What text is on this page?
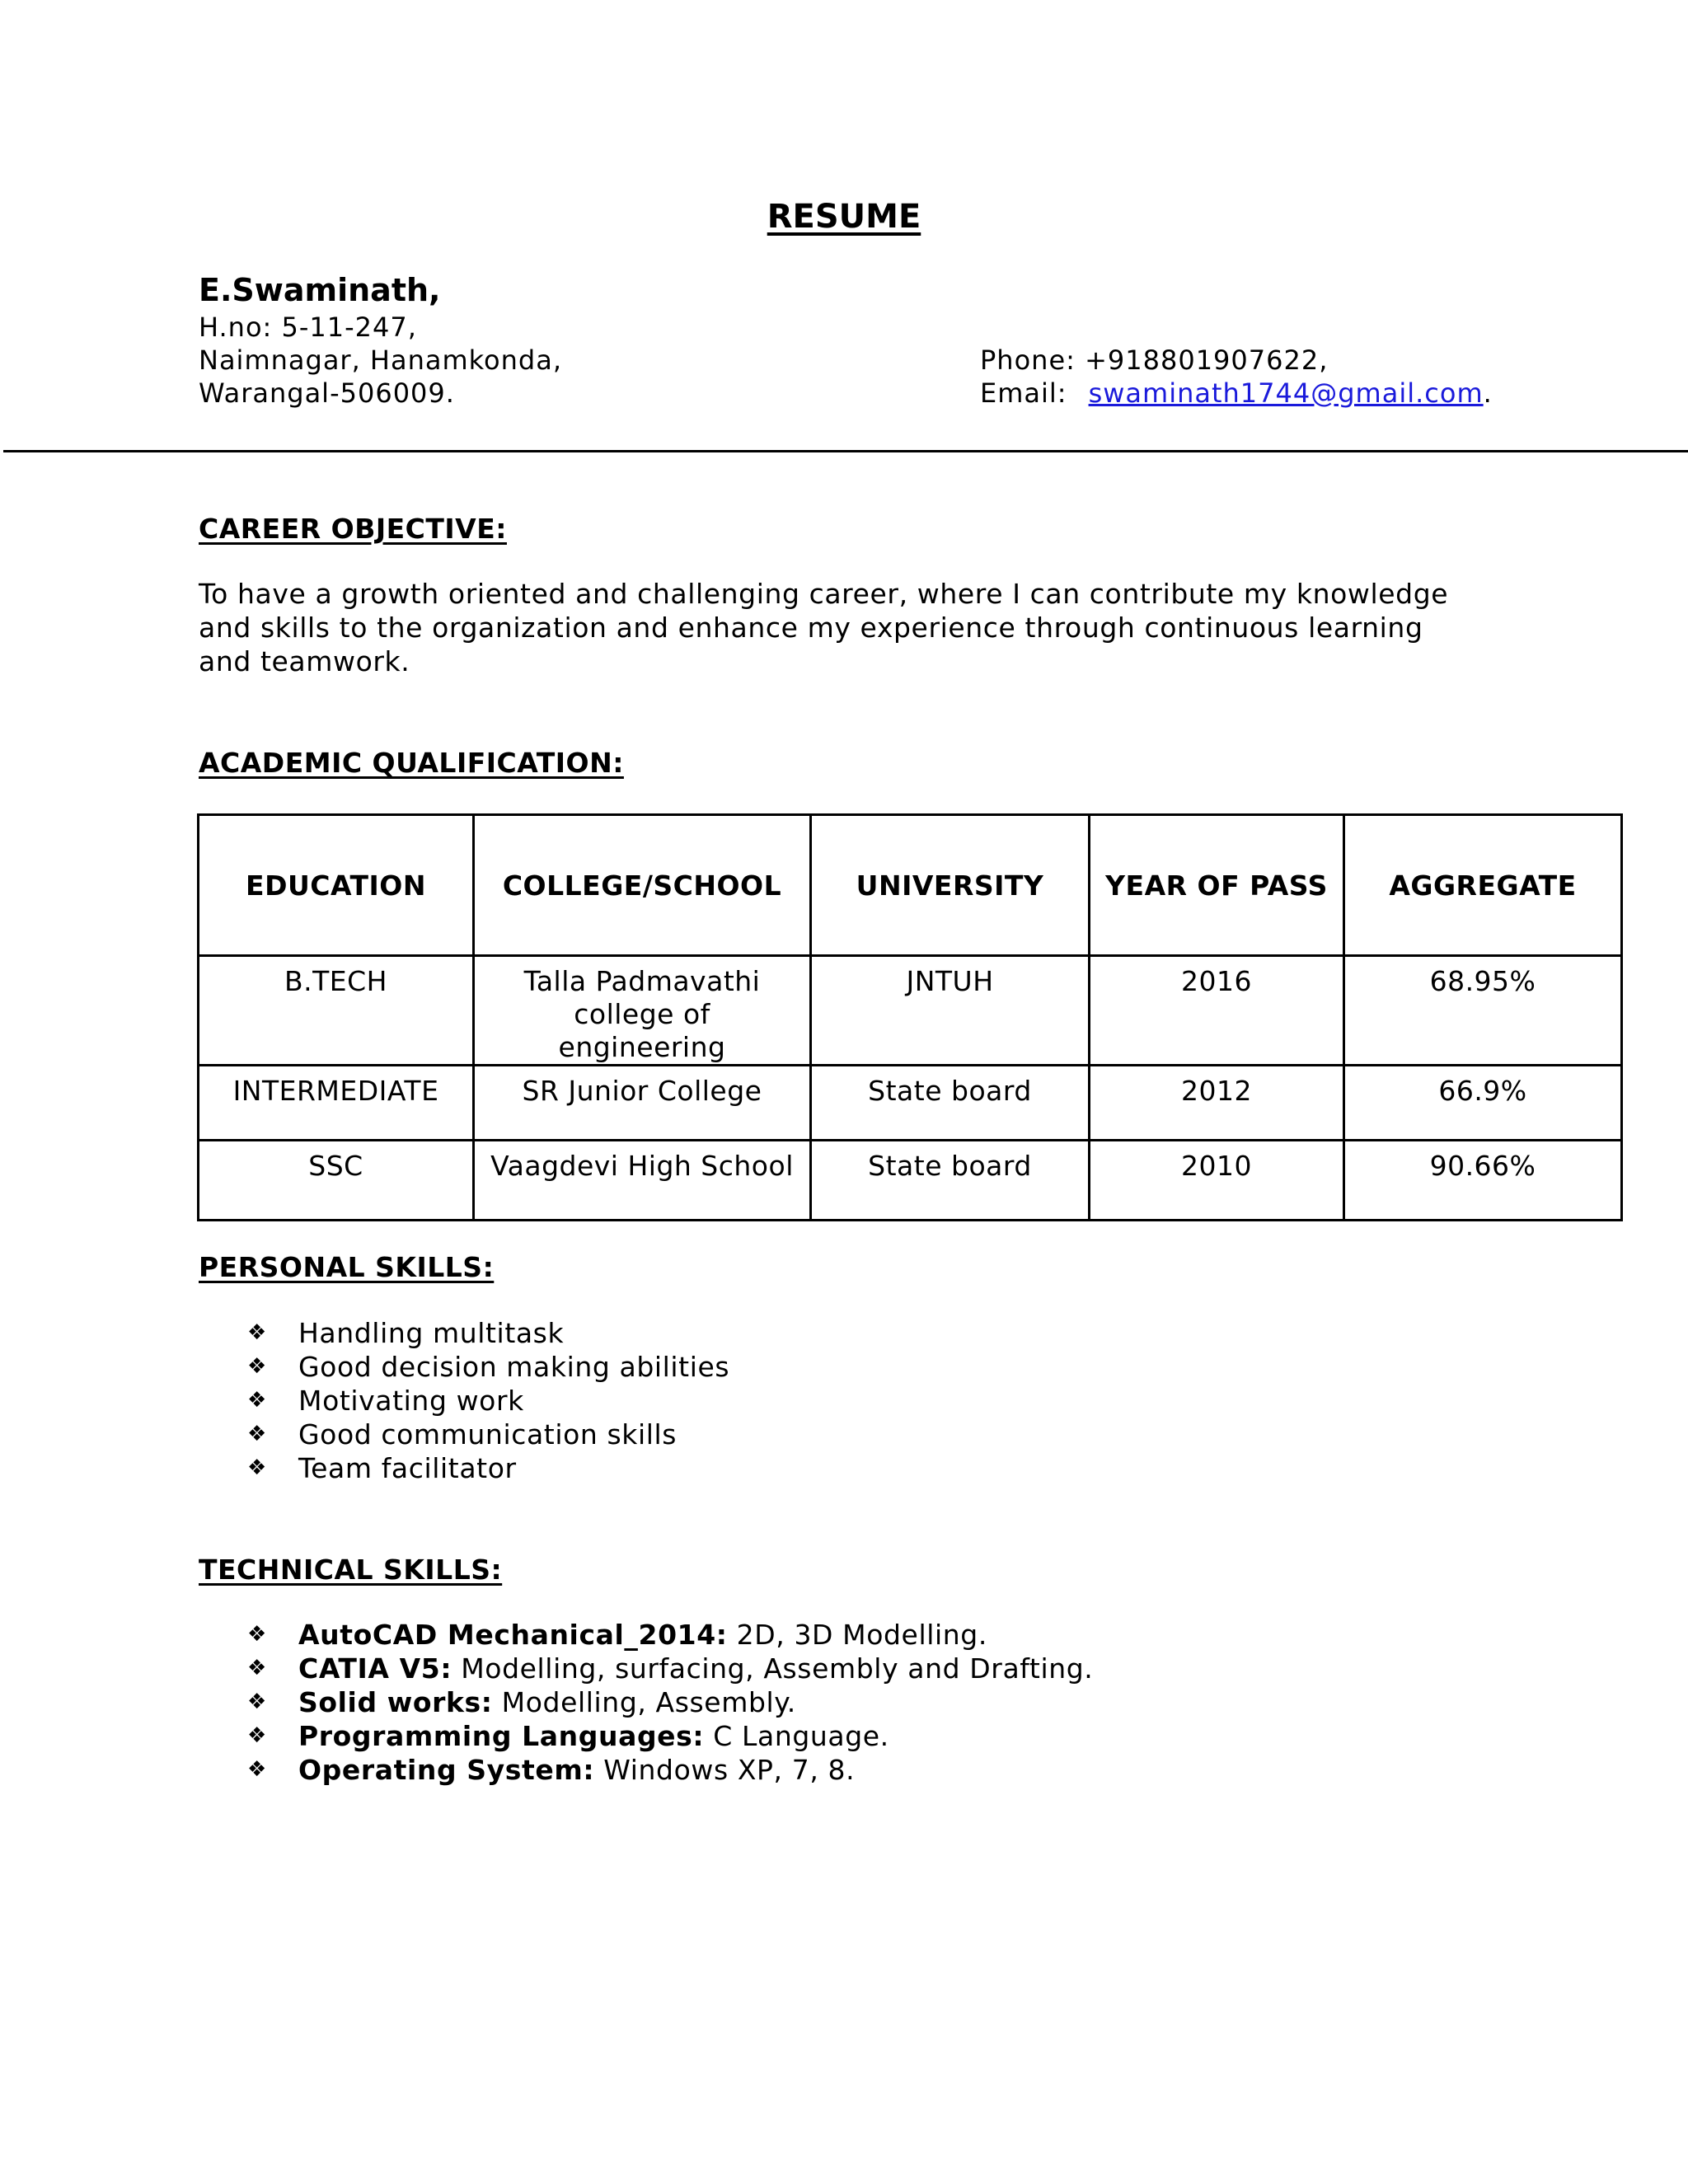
RESUME
E.Swaminath,
H.no: 5-11-247,
Naimnagar, Hanamkonda,
Warangal-506009.
Phone: +918801907622,
Email: swaminath1744@gmail.com.
CAREER OBJECTIVE:
To have a growth oriented and challenging career, where I can contribute my knowledge and skills to the organization and enhance my experience through continuous learning and teamwork.
ACADEMIC QUALIFICATION:
EDUCATION	COLLEGE/SCHOOL	UNIVERSITY	YEAR OF PASS	AGGREGATE
B.TECH	Talla Padmavathi college of engineering	JNTUH	2016	68.95%
INTERMEDIATE	SR Junior College	State board	2012	66.9%
SSC	Vaagdevi High School	State board	2010	90.66%
PERSONAL SKILLS:
❖ Handling multitask
❖ Good decision making abilities
❖ Motivating work
❖ Good communication skills
❖ Team facilitator
TECHNICAL SKILLS:
❖ AutoCAD Mechanical_2014: 2D, 3D Modelling.
❖ CATIA V5: Modelling, surfacing, Assembly and Drafting.
❖ Solid works: Modelling, Assembly.
❖ Programming Languages: C Language.
❖ Operating System: Windows XP, 7, 8.
